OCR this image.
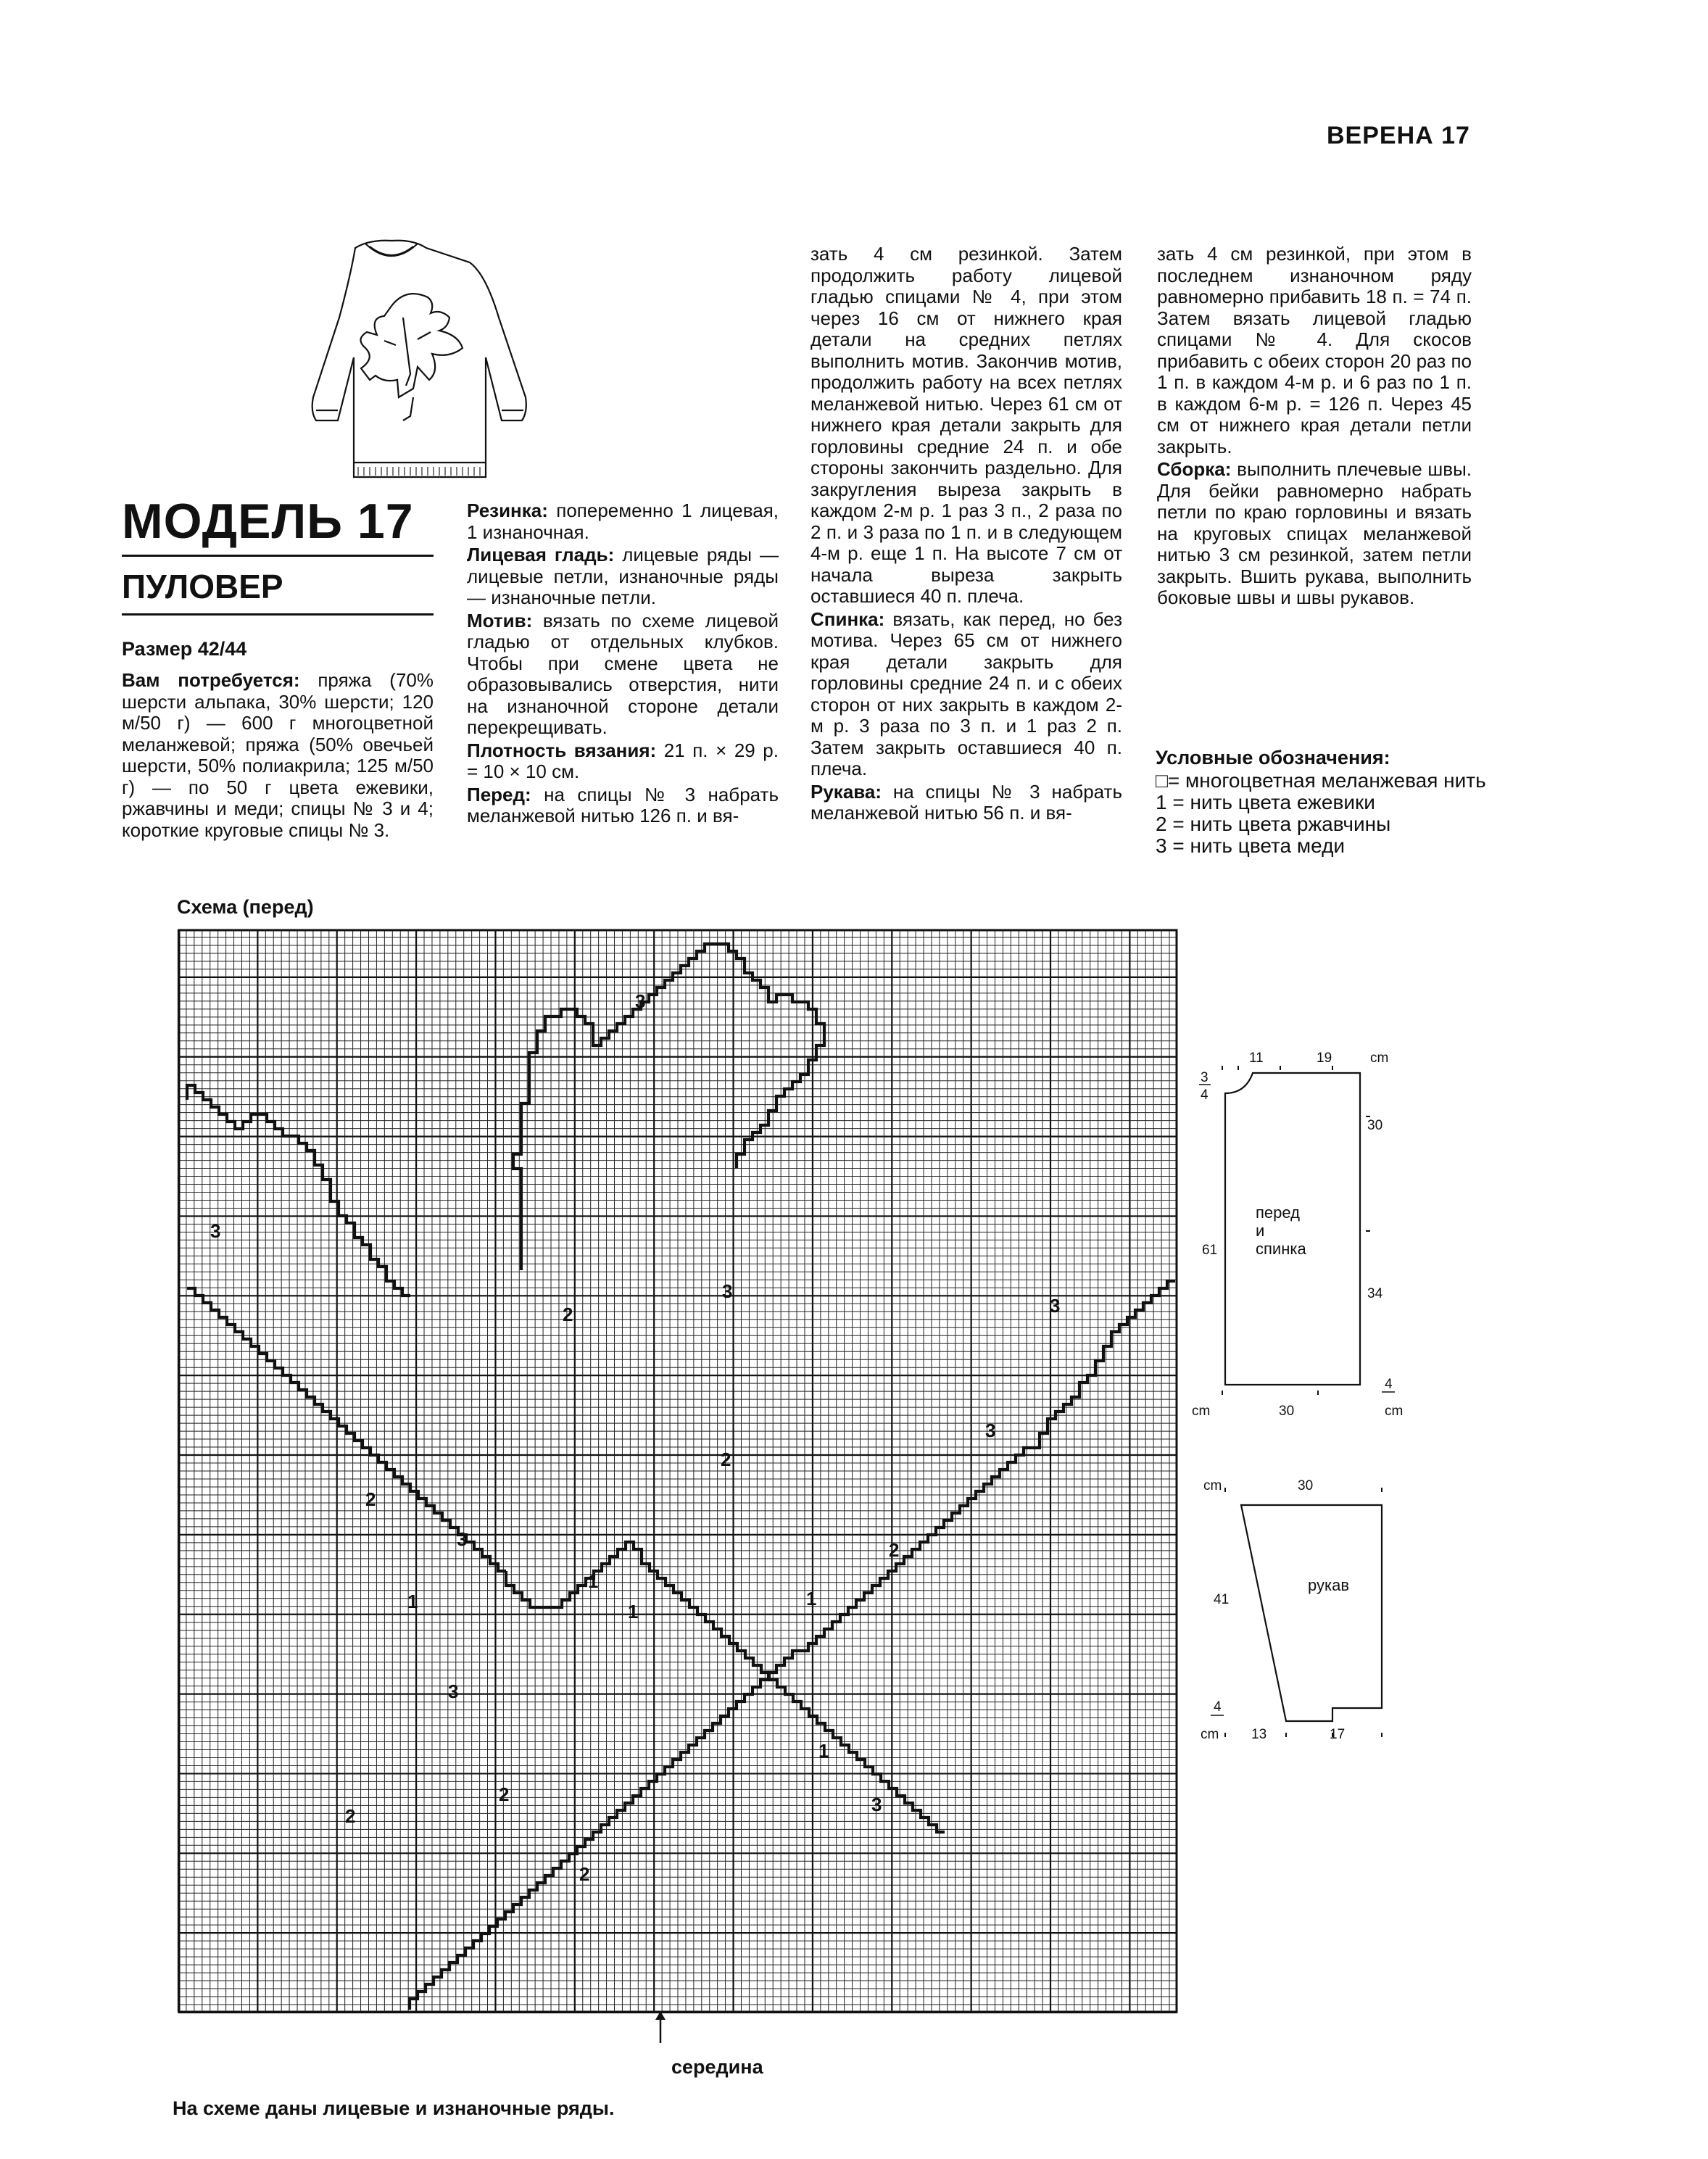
ВЕРЕНА 17
МОДЕЛЬ 17
ПУЛОВЕР
Размер 42/44

Вам потребуется: пряжа (70% шерсти альпака, 30% шерсти; 120 м/50 г) — 600 г многоцветной меланжевой; пряжа (50% овечьей шерсти, 50% полиакрила; 125 м/50 г) — по 50 г цвета ежевики, ржавчины и меди; спицы № 3 и 4; короткие круговые спицы № 3.

Резинка: попеременно 1 лицевая, 1 изнаночная.

Лицевая гладь: лицевые ряды — лицевые петли, изнаночные ряды — изнаночные петли.

Мотив: вязать по схеме лицевой гладью от отдельных клубков. Чтобы при смене цвета не образовывались отверстия, нити на изнаночной стороне детали перекрещивать.

Плотность вязания: 21 п. × 29 р. = 10 × 10 см.

Перед: на спицы № 3 набрать меланжевой нитью 126 п. и вя-

зать 4 см резинкой. Затем продолжить работу лицевой гладью спицами № 4, при этом через 16 см от нижнего края детали на средних петлях выполнить мотив. Закончив мотив, продолжить работу на всех петлях меланжевой нитью. Через 61 см от нижнего края детали закрыть для горловины средние 24 п. и обе стороны закончить раздельно. Для закругления выреза закрыть в каждом 2-м р. 1 раз 3 п., 2 раза по 2 п. и 3 раза по 1 п. и в следующем 4-м р. еще 1 п. На высоте 7 см от начала выреза закрыть оставшиеся 40 п. плеча.

Спинка: вязать, как перед, но без мотива. Через 65 см от нижнего края детали закрыть для горловины средние 24 п. и с обеих сторон от них закрыть в каждом 2-м р. 3 раза по 3 п. и 1 раз 2 п. Затем закрыть оставшиеся 40 п. плеча.

Рукава: на спицы № 3 набрать меланжевой нитью 56 п. и вя-

зать 4 см резинкой, при этом в последнем изнаночном ряду равномерно прибавить 18 п. = 74 п. Затем вязать лицевой гладью спицами № 4. Для скосов прибавить с обеих сторон 20 раз по 1 п. в каждом 4-м р. и 6 раз по 1 п. в каждом 6-м р. = 126 п. Через 45 см от нижнего края детали петли закрыть.

Сборка: выполнить плечевые швы. Для бейки равномерно набрать петли по краю горловины и вязать на круговых спицах меланжевой нитью 3 см резинкой, затем петли закрыть. Вшить рукава, выполнить боковые швы и швы рукавов.

Условные обозначения:
□= многоцветная меланжевая нить
1 = нить цвета ежевики
2 = нить цвета ржавчины
3 = нить цвета меди
Схема (перед)
3
3
2
3
2
3
3
3
2
1
2
2
2
1	1
1
3
2	3
1
середина
На схеме даны лицевые и изнаночные ряды.
11	19	cm
3
4
30
34
61
перед
и
спинка
4
cm	30	cm
cm	30
41
4
рукав
cm 13	17
